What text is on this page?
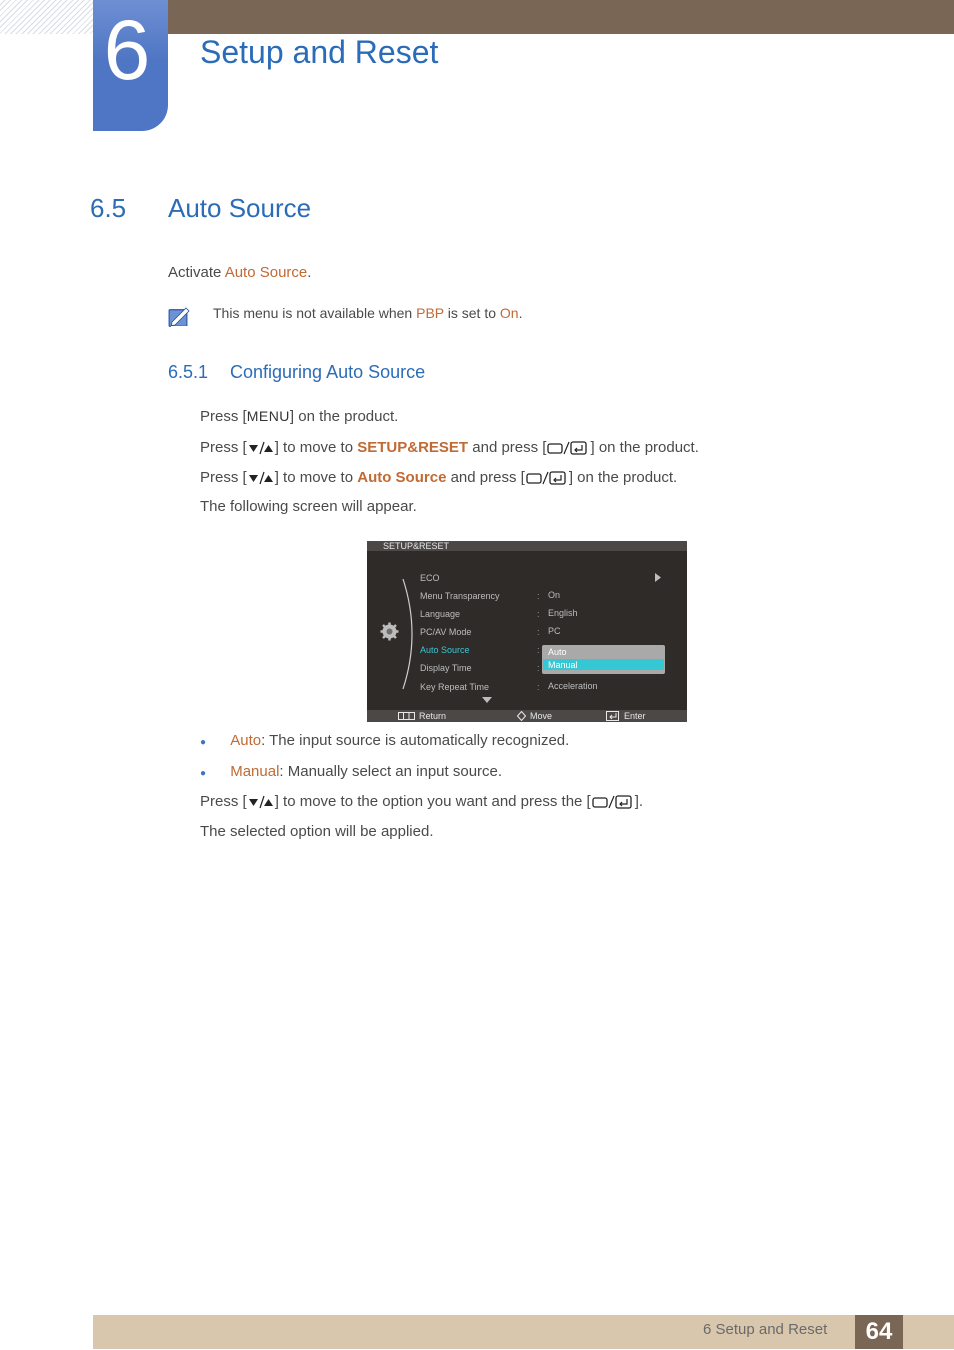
6	Setup and Reset
6.5 Auto Source
Activate Auto Source.
This menu is not available when PBP is set to On.
6.5.1 Configuring Auto Source
Press [MENU] on the product.
Press [ ] to move to SETUP&RESET and press [	] on the product.
Press [ ] to move to Auto Source and press [	] on the product.
The following screen will appear.
SETUP&RESET
ECO
Menu Transparency	: On
Language	: English
PC/AV Mode	: PC
Auto Source	:
Display Time	:
Key Repeat Time	: Acceleration
Auto
Manual
Return	Move	Enter
● Auto: The input source is automatically recognized.
● Manual: Manually select an input source.
Press [ ] to move to the option you want and press the [	].
The selected option will be applied.
6 Setup and Reset	64
